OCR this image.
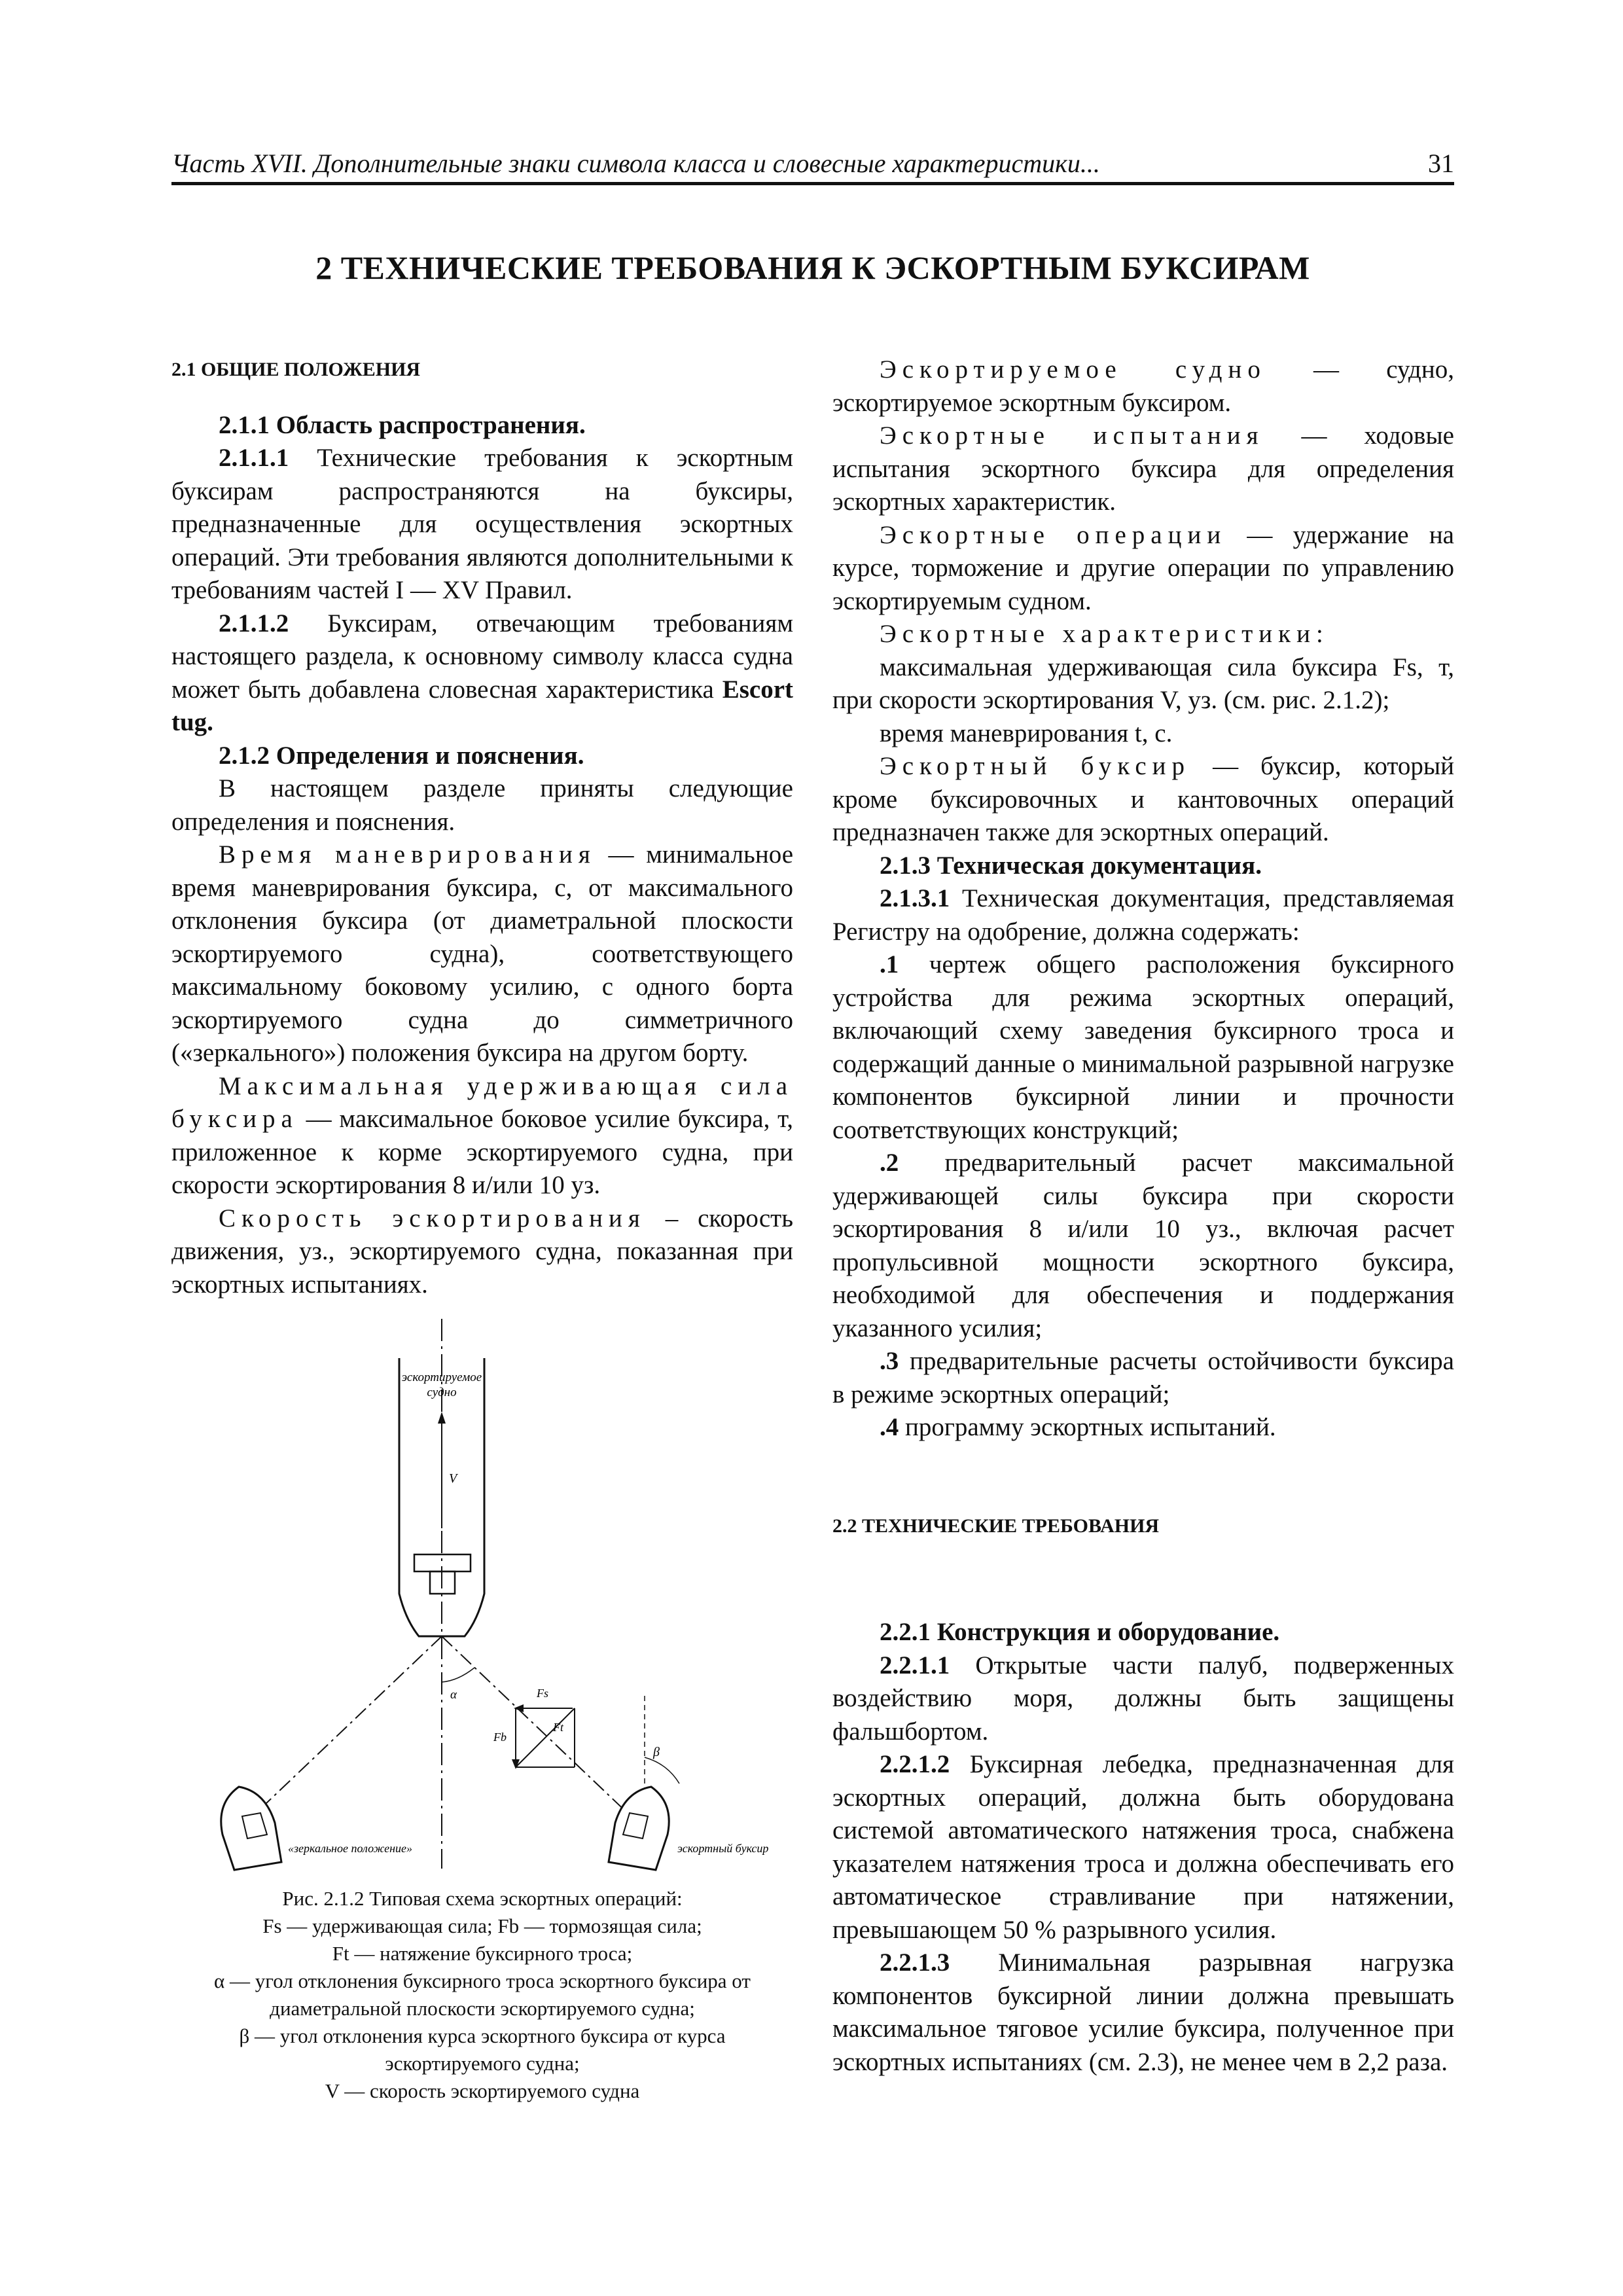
Часть XVII. Дополнительные знаки символа класса и словесные характеристики...	31
2 ТЕХНИЧЕСКИЕ ТРЕБОВАНИЯ К ЭСКОРТНЫМ БУКСИРАМ

2.1 ОБЩИЕ ПОЛОЖЕНИЯ

2.1.1 Область распространения.

2.1.1.1 Технические требования к эскортным буксирам распространяются на буксиры, предназначенные для осуществления эскортных операций. Эти требования являются дополнительными к требованиям частей I — XV Правил.

2.1.1.2 Буксирам, отвечающим требованиям настоящего раздела, к основному символу класса судна может быть добавлена словесная характеристика Escort tug.

2.1.2 Определения и пояснения.

В настоящем разделе приняты следующие определения и пояснения.

Время маневрирования — минимальное время маневрирования буксира, с, от максимального отклонения буксира (от диаметральной плоскости эскортируемого судна), соответствующего максимальному боковому усилию, с одного борта эскортируемого судна до симметричного («зеркального») положения буксира на другом борту.

Максимальная удерживающая сила буксира — максимальное боковое усилие буксира, т, приложенное к корме эскортируемого судна, при скорости эскортирования 8 и/или 10 уз.

Скорость эскортирования – скорость движения, уз., эскортируемого судна, показанная при эскортных испытаниях.

эскортируемое
судно
V
α	Fs
Fb
Ft
β
«зеркальное положение»	эскортный буксир
Рис. 2.1.2 Типовая схема эскортных операций:
Fs — удерживающая сила; Fb — тормозящая сила;
Ft — натяжение буксирного троса;
α — угол отклонения буксирного троса эскортного буксира от
диаметральной плоскости эскортируемого судна;
β — угол отклонения курса эскортного буксира от курса
эскортируемого судна;
V — скорость эскортируемого судна

Эскортируемое судно — судно, эскортируемое эскортным буксиром.

Эскортные испытания — ходовые испытания эскортного буксира для определения эскортных характеристик.

Эскортные операции — удержание на курсе, торможение и другие операции по управлению эскортируемым судном.

Эскортные характеристики:

максимальная удерживающая сила буксира Fs, т, при скорости эскортирования V, уз. (см. рис. 2.1.2);

время маневрирования t, с.

Эскортный буксир — буксир, который кроме буксировочных и кантовочных операций предназначен также для эскортных операций.

2.1.3 Техническая документация.

2.1.3.1 Техническая документация, представляемая Регистру на одобрение, должна содержать:

.1 чертеж общего расположения буксирного устройства для режима эскортных операций, включающий схему заведения буксирного троса и содержащий данные о минимальной разрывной нагрузке компонентов буксирной линии и прочности соответствующих конструкций;

.2 предварительный расчет максимальной удерживающей силы буксира при скорости эскортирования 8 и/или 10 уз., включая расчет пропульсивной мощности эскортного буксира, необходимой для обеспечения и поддержания указанного усилия;

.3 предварительные расчеты остойчивости буксира в режиме эскортных операций;

.4 программу эскортных испытаний.

2.2 ТЕХНИЧЕСКИЕ ТРЕБОВАНИЯ

2.2.1 Конструкция и оборудование.

2.2.1.1 Открытые части палуб, подверженных воздействию моря, должны быть защищены фальшбортом.

2.2.1.2 Буксирная лебедка, предназначенная для эскортных операций, должна быть оборудована системой автоматического натяжения троса, снабжена указателем натяжения троса и должна обеспечивать его автоматическое стравливание при натяжении, превышающем 50 % разрывного усилия.

2.2.1.3 Минимальная разрывная нагрузка компонентов буксирной линии должна превышать максимальное тяговое усилие буксира, полученное при эскортных испытаниях (см. 2.3), не менее чем в 2,2 раза.
